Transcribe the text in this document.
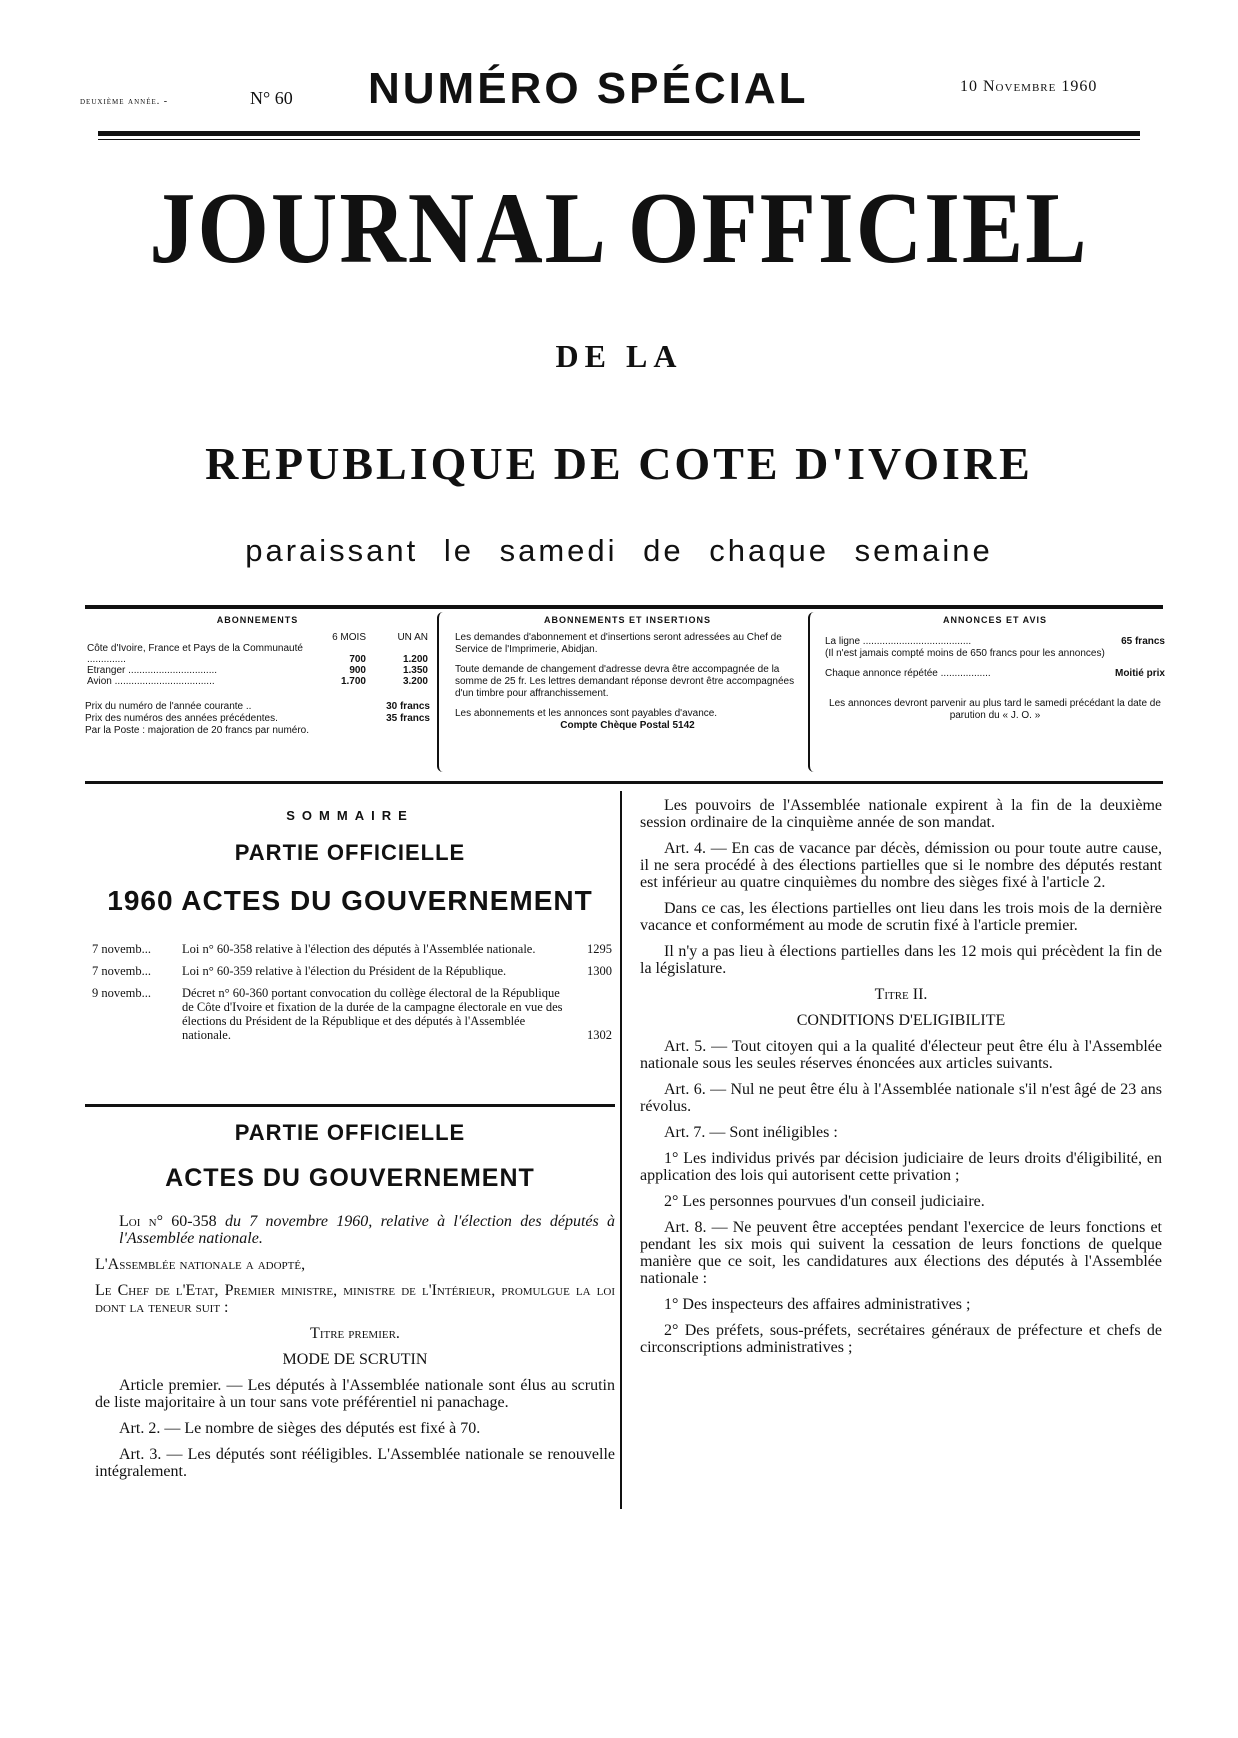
deuxième année. -	N° 60 NUMÉRO SPÉCIAL	10 Novembre 1960
JOURNAL OFFICIEL
DE LA
REPUBLIQUE DE COTE D'IVOIRE
paraissant le samedi de chaque semaine
ABONNEMENTS
	6 MOIS	UN AN
Côte d'Ivoire, France et Pays de la Communauté ..............	700	1.200
Etranger ................................	900	1.350
Avion ....................................	1.700	3.200
Prix du numéro de l'année courante ..	30 francs
Prix des numéros des années précédentes.	35 francs
Par la Poste : majoration de 20 francs par numéro.
ABONNEMENTS ET INSERTIONS

Les demandes d'abonnement et d'insertions seront adressées au Chef de Service de l'Imprimerie, Abidjan.

Toute demande de changement d'adresse devra être accompagnée de la somme de 25 fr. Les lettres demandant réponse devront être accompagnées d'un timbre pour affranchissement.

Les abonnements et les annonces sont payables d'avance.

Compte Chèque Postal 5142

ANNONCES ET AVIS
La ligne .......................................	65 francs

(Il n'est jamais compté moins de 650 francs pour les annonces)

Chaque annonce répétée ..................	Moitié prix

Les annonces devront parvenir au plus tard le samedi précédant la date de parution du « J. O. »

SOMMAIRE
PARTIE OFFICIELLE
1960 ACTES DU GOUVERNEMENT
7 novemb...	Loi n° 60-358 relative à l'élection des députés à l'Assemblée nationale.	1295
7 novemb...	Loi n° 60-359 relative à l'élection du Président de la République.	1300
9 novemb...	Décret n° 60-360 portant convocation du collège électoral de la République de Côte d'Ivoire et fixation de la durée de la campagne électorale en vue des élections du Président de la République et des députés à l'Assemblée nationale.	1302
PARTIE OFFICIELLE
ACTES DU GOUVERNEMENT

Loi n° 60-358 du 7 novembre 1960, relative à l'élection des députés à l'Assemblée nationale.

L'Assemblée nationale a adopté,

Le Chef de l'Etat, Premier ministre, ministre de l'Intérieur, promulgue la loi dont la teneur suit :

Titre premier.

MODE DE SCRUTIN

Article premier. — Les députés à l'Assemblée nationale sont élus au scrutin de liste majoritaire à un tour sans vote préférentiel ni panachage.

Art. 2. — Le nombre de sièges des députés est fixé à 70.

Art. 3. — Les députés sont rééligibles. L'Assemblée nationale se renouvelle intégralement.

Les pouvoirs de l'Assemblée nationale expirent à la fin de la deuxième session ordinaire de la cinquième année de son mandat.

Art. 4. — En cas de vacance par décès, démission ou pour toute autre cause, il ne sera procédé à des élections partielles que si le nombre des députés restant est inférieur au quatre cinquièmes du nombre des sièges fixé à l'article 2.

Dans ce cas, les élections partielles ont lieu dans les trois mois de la dernière vacance et conformément au mode de scrutin fixé à l'article premier.

Il n'y a pas lieu à élections partielles dans les 12 mois qui précèdent la fin de la législature.

Titre II.

CONDITIONS D'ELIGIBILITE

Art. 5. — Tout citoyen qui a la qualité d'électeur peut être élu à l'Assemblée nationale sous les seules réserves énoncées aux articles suivants.

Art. 6. — Nul ne peut être élu à l'Assemblée nationale s'il n'est âgé de 23 ans révolus.

Art. 7. — Sont inéligibles :

1° Les individus privés par décision judiciaire de leurs droits d'éligibilité, en application des lois qui autorisent cette privation ;

2° Les personnes pourvues d'un conseil judiciaire.

Art. 8. — Ne peuvent être acceptées pendant l'exercice de leurs fonctions et pendant les six mois qui suivent la cessation de leurs fonctions de quelque manière que ce soit, les candidatures aux élections des députés à l'Assemblée nationale :

1° Des inspecteurs des affaires administratives ;

2° Des préfets, sous-préfets, secrétaires généraux de préfecture et chefs de circonscriptions administratives ;
